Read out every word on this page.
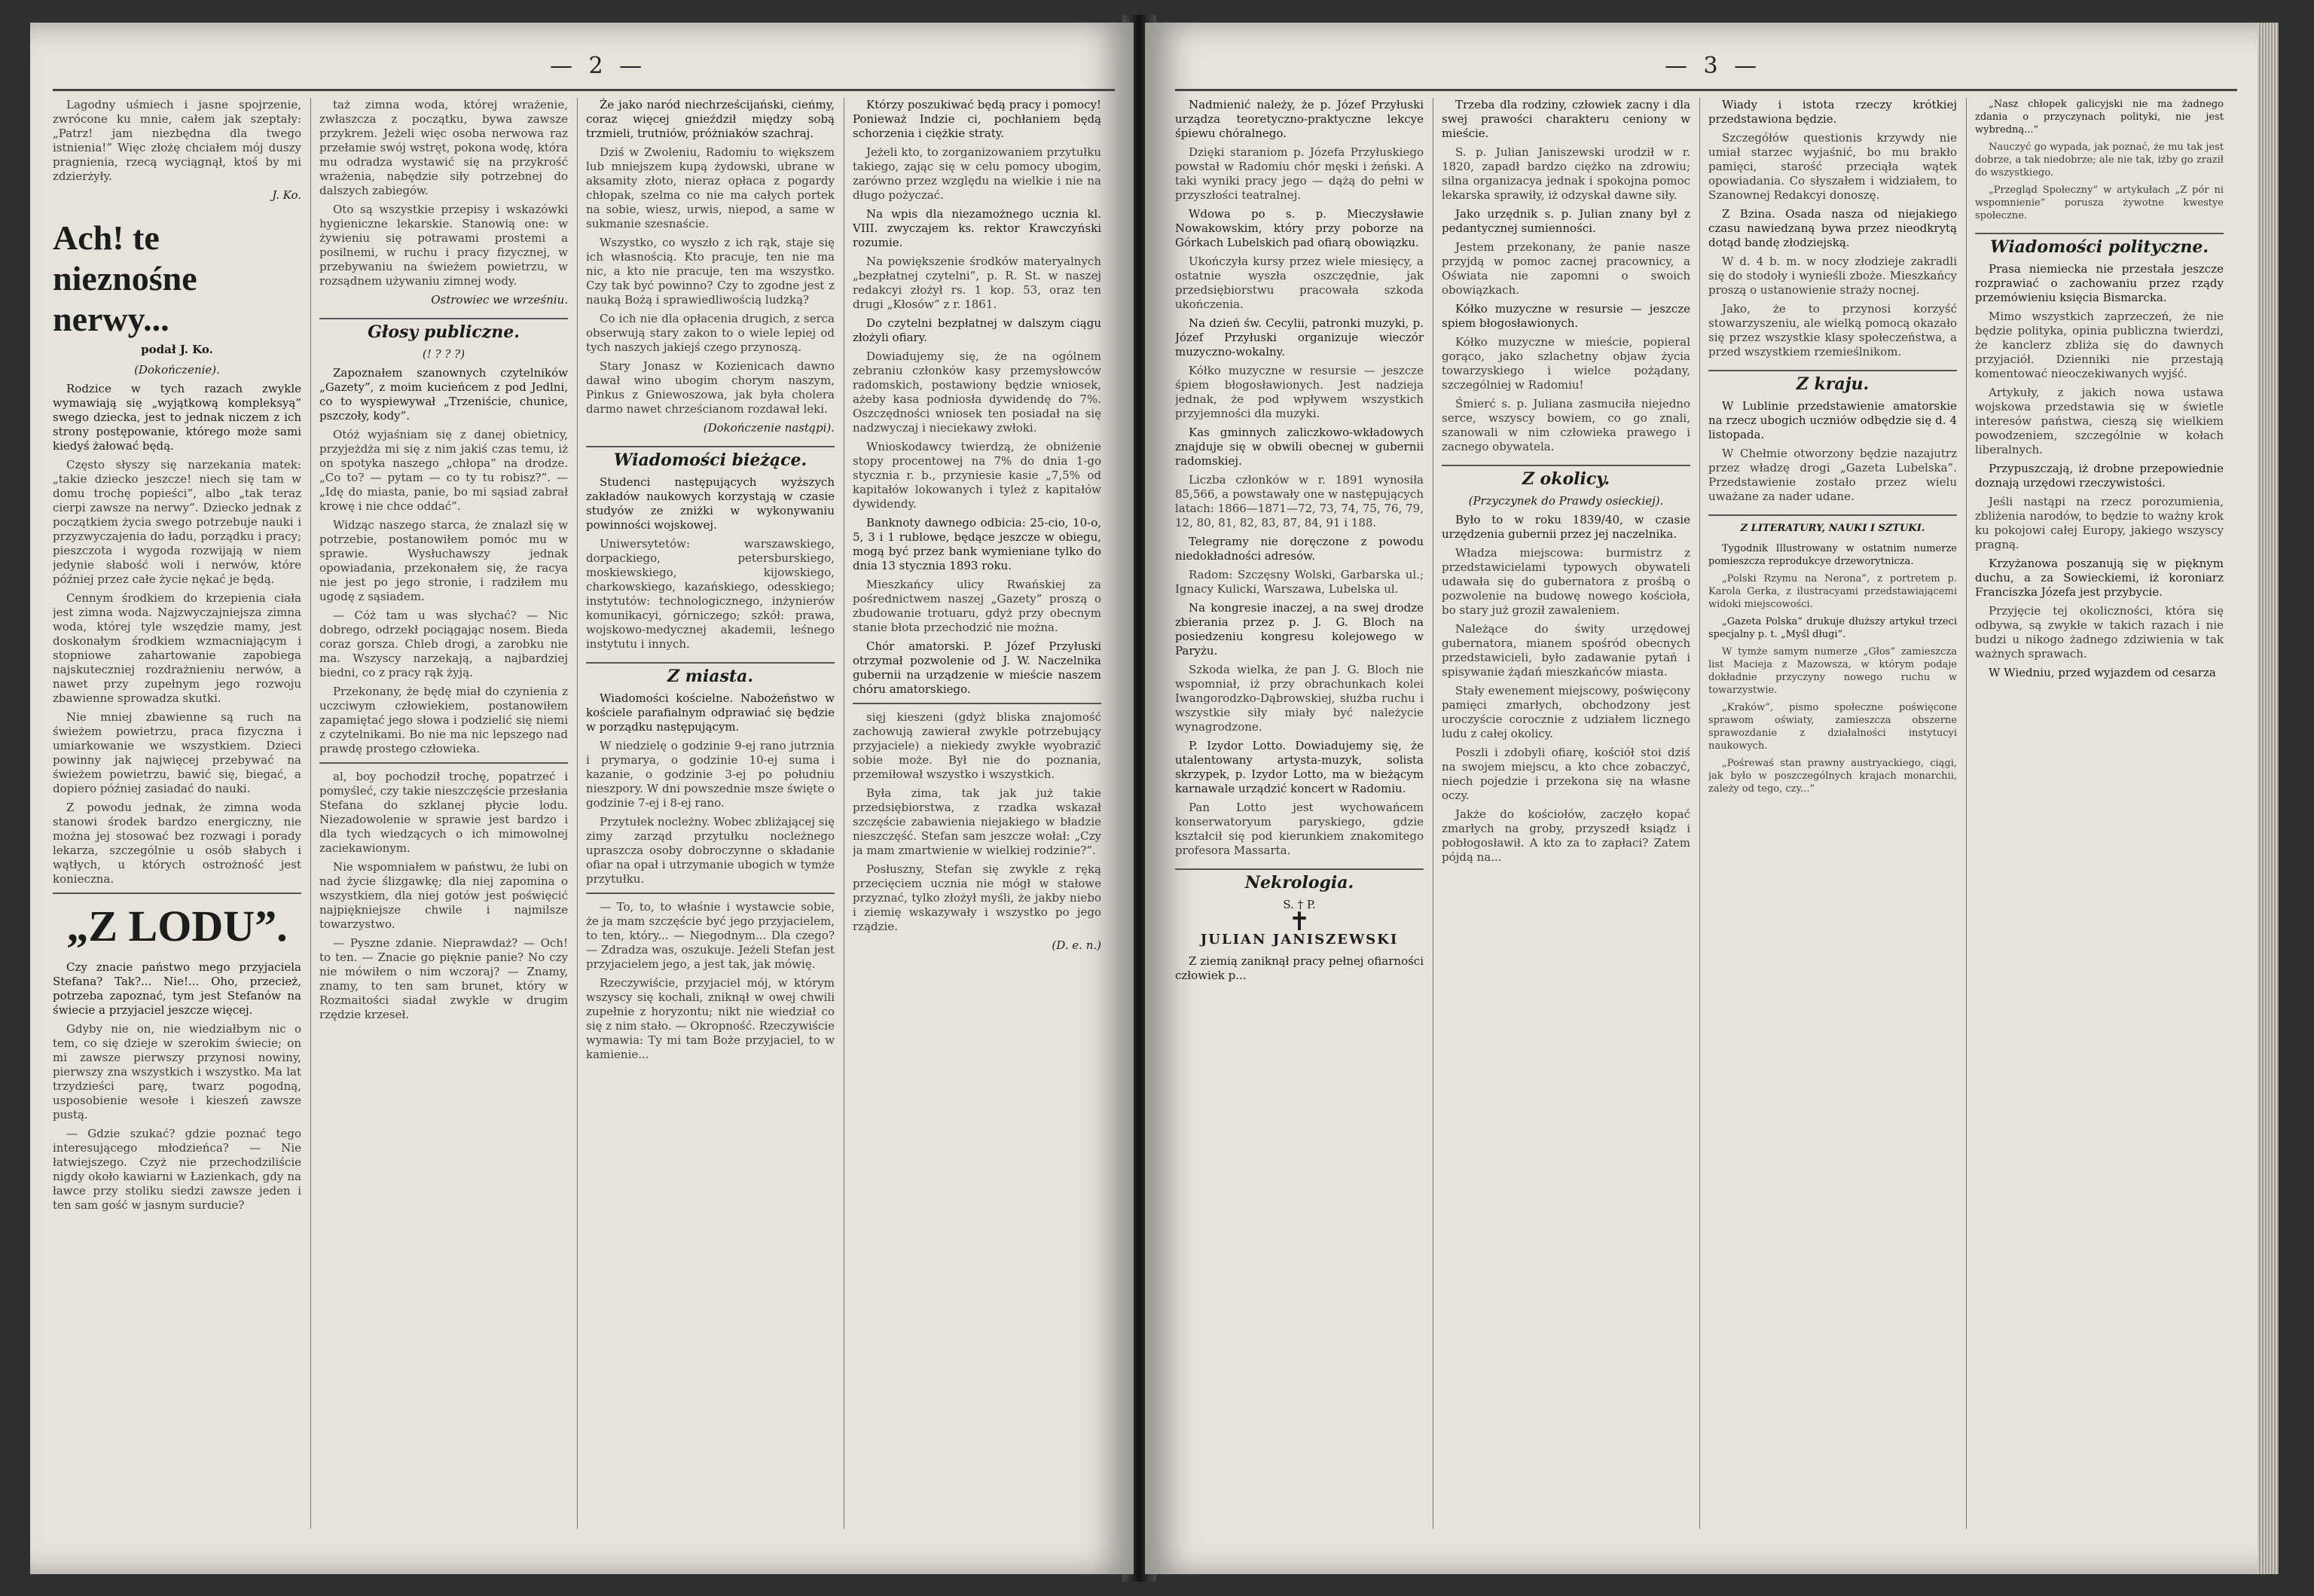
— 2 —
Lagodny uśmiech i jasne spojrzenie, zwrócone ku mnie, całem jak szeptały: „Patrz! jam niezbędna dla twego istnienia!” Więc złożę chciałem mój duszy pragnienia, rzecą wyciągnął, ktoś by mi zdzierżyły.
J. Ko.
Ach! te nieznośne nerwy...
podał J. Ko.
(Dokończenie).

Rodzice w tych razach zwykle wymawiają się „wyjątkową kompleksyą” swego dziecka, jest to jednak niczem z ich strony postępowanie, którego może sami kiedyś żałować będą.

Często słyszy się narzekania matek: „takie dziecko jeszcze! niech się tam w domu trochę popieści”, albo „tak teraz cierpi zawsze na nerwy”. Dziecko jednak z początkiem życia swego potrzebuje nauki i przyzwyczajenia do ładu, porządku i pracy; pieszczota i wygoda rozwijają w niem jedynie słabość woli i nerwów, które później przez całe życie nękać je będą.

Cennym środkiem do krzepienia ciała jest zimna woda. Najzwyczajniejsza zimna woda, której tyle wszędzie mamy, jest doskonałym środkiem wzmacniającym i stopniowe zahartowanie zapobiega najskuteczniej rozdrażnieniu nerwów, a nawet przy zupełnym jego rozwoju zbawienne sprowadza skutki.

Nie mniej zbawienne są ruch na świeżem powietrzu, praca fizyczna i umiarkowanie we wszystkiem. Dzieci powinny jak najwięcej przebywać na świeżem powietrzu, bawić się, biegać, a dopiero później zasiadać do nauki.

Z powodu jednak, że zimna woda stanowi środek bardzo energiczny, nie można jej stosować bez rozwagi i porady lekarza, szczególnie u osób słabych i wątłych, u których ostrożność jest konieczna.

„Z LODU”.

Czy znacie państwo mego przyjaciela Stefana? Tak?... Nie!... Oho, przecież, potrzeba zapoznać, tym jest Stefanów na świecie a przyjaciel jeszcze więcej.

Gdyby nie on, nie wiedziałbym nic o tem, co się dzieje w szerokim świecie; on mi zawsze pierwszy przynosi nowiny, pierwszy zna wszystkich i wszystko. Ma lat trzydzieści parę, twarz pogodną, usposobienie wesołe i kieszeń zawsze pustą.

— Gdzie szukać? gdzie poznać tego interesującego młodzieńca? — Nie łatwiejszego. Czyż nie przechodziliście nigdy około kawiarni w Łazienkach, gdy na ławce przy stoliku siedzi zawsze jeden i ten sam gość w jasnym surducie?

taż zimna woda, której wrażenie, zwłaszcza z początku, bywa zawsze przykrem. Jeżeli więc osoba nerwowa raz przełamie swój wstręt, pokona wodę, która mu odradza wystawić się na przykrość wrażenia, nabędzie siły potrzebnej do dalszych zabiegów.

Oto są wszystkie przepisy i wskazówki hygieniczne lekarskie. Stanowią one: w żywieniu się potrawami prostemi a posilnemi, w ruchu i pracy fizycznej, w przebywaniu na świeżem powietrzu, w rozsądnem używaniu zimnej wody.

Ostrowiec we wrześniu.
Głosy publiczne.
(! ? ? ?)

Zapoznałem szanownych czytelników „Gazety”, z moim kucieńcem z pod Jedlni, co to wyspiewywał „Trzeniście, chunice, pszczoły, kody”.

Otóż wyjaśniam się z danej obietnicy, przyjeżdża mi się z nim jakiś czas temu, iż on spotyka naszego „chłopa” na drodze. „Co to? — pytam — co ty tu robisz?”. — „Idę do miasta, panie, bo mi sąsiad zabrał krowę i nie chce oddać”.

Widząc naszego starca, że znalazł się w potrzebie, postanowiłem pomóc mu w sprawie. Wysłuchawszy jednak opowiadania, przekonałem się, że racya nie jest po jego stronie, i radziłem mu ugodę z sąsiadem.

— Cóż tam u was słychać? — Nic dobrego, odrzekł pociągając nosem. Bieda coraz gorsza. Chleb drogi, a zarobku nie ma. Wszyscy narzekają, a najbardziej biedni, co z pracy rąk żyją.

Przekonany, że będę miał do czynienia z uczciwym człowiekiem, postanowiłem zapamiętać jego słowa i podzielić się niemi z czytelnikami. Bo nie ma nic lepszego nad prawdę prostego człowieka.

al, boy pochodził trochę, popatrzeć i pomyśleć, czy takie nieszczęście przesłania Stefana do szklanej płycie lodu. Niezadowolenie w sprawie jest bardzo i dla tych wiedzących o ich mimowolnej zaciekawionym.

Nie wspomniałem w państwu, że lubi on nad życie ślizgawkę; dla niej zapomina o wszystkiem, dla niej gotów jest poświęcić najpiękniejsze chwile i najmilsze towarzystwo.

— Pyszne zdanie. Nieprawdaż? — Och! to ten. — Znacie go pięknie panie? No czy nie mówiłem o nim wczoraj? — Znamy, znamy, to ten sam brunet, który w Rozmaitości siadał zwykle w drugim rzędzie krzeseł.

Że jako naród niechrześcijański, cieńmy, coraz więcej gnieździł między sobą trzmieli, trutniów, próżniaków szachraj.

Dziś w Zwoleniu, Radomiu to większem lub mniejszem kupą żydowski, ubrane w aksamity złoto, nieraz opłaca z pogardy chłopak, szelma co nie ma całych portek na sobie, wiesz, urwis, niepod, a same w sukmanie szesnaście.

Wszystko, co wyszło z ich rąk, staje się ich własnością. Kto pracuje, ten nie ma nic, a kto nie pracuje, ten ma wszystko. Czy tak być powinno? Czy to zgodne jest z nauką Bożą i sprawiedliwością ludzką?

Co ich nie dla opłacenia drugich, z serca obserwują stary zakon to o wiele lepiej od tych naszych jakiejś czego przynoszą.

Stary Jonasz w Kozienicach dawno dawał wino ubogim chorym naszym, Pinkus z Gniewoszowa, jak była cholera darmo nawet chrześcianom rozdawał leki.

(Dokończenie nastąpi).
Wiadomości bieżące.

Studenci następujących wyższych zakładów naukowych korzystają w czasie studyów ze zniżki w wykonywaniu powinności wojskowej.

Uniwersytetów: warszawskiego, dorpackiego, petersburskiego, moskiewskiego, kijowskiego, charkowskiego, kazańskiego, odesskiego; instytutów: technologicznego, inżynierów komunikacyi, górniczego; szkół: prawa, wojskowo-medycznej akademii, leśnego instytutu i innych.

Z miasta.

Wiadomości kościelne. Nabożeństwo w kościele parafialnym odprawiać się będzie w porządku następującym.

W niedzielę o godzinie 9-ej rano jutrznia i prymarya, o godzinie 10-ej suma i kazanie, o godzinie 3-ej po południu nieszpory. W dni powszednie msze święte o godzinie 7-ej i 8-ej rano.

Przytułek nocleżny. Wobec zbliżającej się zimy zarząd przytułku nocleżnego upraszcza osoby dobroczynne o składanie ofiar na opał i utrzymanie ubogich w tymże przytułku.

— To, to, to właśnie i wystawcie sobie, że ja mam szczęście być jego przyjacielem, to ten, który... — Niegodnym... Dla czego? — Zdradza was, oszukuje. Jeżeli Stefan jest przyjacielem jego, a jest tak, jak mówię.

Rzeczywiście, przyjaciel mój, w którym wszyscy się kochali, zniknął w owej chwili zupełnie z horyzontu; nikt nie wiedział co się z nim stało. — Okropność. Rzeczywiście wymawia: Ty mi tam Boże przyjaciel, to w kamienie...

Którzy poszukiwać będą pracy i pomocy! Ponieważ Indzie ci, pochłaniem będą schorzenia i ciężkie straty.

Jeżeli kto, to zorganizowaniem przytułku takiego, zając się w celu pomocy ubogim, zarówno przez względu na wielkie i nie na długo pożyczać.

Na wpis dla niezamożnego ucznia kl. VIII. zwyczajem ks. rektor Krawczyński rozumie.

Na powiększenie środków materyalnych „bezpłatnej czytelni”, p. R. St. w naszej redakcyi złożył rs. 1 kop. 53, oraz ten drugi „Kłosów” z r. 1861.

Do czytelni bezpłatnej w dalszym ciągu złożyli ofiary.

Dowiadujemy się, że na ogólnem zebraniu członków kasy przemysłowców radomskich, postawiony będzie wniosek, ażeby kasa podniosła dywidendę do 7%. Oszczędności wniosek ten posiadał na się nadzwyczaj i nieciekawy zwłoki.

Wnioskodawcy twierdzą, że obniżenie stopy procentowej na 7% do dnia 1-go stycznia r. b., przyniesie kasie „7,5% od kapitałów lokowanych i tyleż z kapitałów dywidendy.

Banknoty dawnego odbicia: 25-cio, 10-o, 5, 3 i 1 rublowe, będące jeszcze w obiegu, mogą być przez bank wymieniane tylko do dnia 13 stycznia 1893 roku.

Mieszkańcy ulicy Rwańskiej za pośrednictwem naszej „Gazety” proszą o zbudowanie trotuaru, gdyż przy obecnym stanie błota przechodzić nie można.

Chór amatorski. P. Józef Przyłuski otrzymał pozwolenie od J. W. Naczelnika gubernii na urządzenie w mieście naszem chóru amatorskiego.

sięj kieszeni (gdyż bliska znajomość zachowują zawierał zwykle potrzebujący przyjaciele) a niekiedy zwykłe wyobrazić sobie może. Był nie do poznania, przemiłował wszystko i wszystkich.

Była zima, tak jak już takie przedsiębiorstwa, z rzadka wskazał szczęście zabawienia niejakiego w bładzie nieszczęść. Stefan sam jeszcze wołał: „Czy ja mam zmartwienie w wielkiej rodzinie?”.

Posłuszny, Stefan się zwykle z ręką przecięciem ucznia nie mógł w stałowe przyznać, tylko złożył myśli, że jakby niebo i ziemię wskazywały i wszystko po jego rządzie.

(D. e. n.)
— 3 —

Nadmienić należy, że p. Józef Przyłuski urządza teoretyczno-praktyczne lekcye śpiewu chóralnego.

Dzięki staraniom p. Józefa Przyłuskiego powstał w Radomiu chór męski i żeński. A taki wyniki pracy jego — dążą do pełni w przyszłości teatralnej.

Wdowa po s. p. Mieczysławie Nowakowskim, który przy poborze na Górkach Lubelskich pad ofiarą obowiązku.

Ukończyła kursy przez wiele miesięcy, a ostatnie wyszła oszczędnie, jak przedsiębiorstwu pracowała szkoda ukończenia.

Na dzień św. Cecylii, patronki muzyki, p. Józef Przyłuski organizuje wieczór muzyczno-wokalny.

Kółko muzyczne w resursie — jeszcze śpiem błogosławionych. Jest nadzieja jednak, że pod wpływem wszystkich przyjemności dla muzyki.

Kas gminnych zaliczkowo-wkładowych znajduje się w obwili obecnej w gubernii radomskiej.

Liczba członków w r. 1891 wynosiła 85,566, a powstawały one w następujących latach: 1866—1871—72, 73, 74, 75, 76, 79, 12, 80, 81, 82, 83, 87, 84, 91 i 188.

Telegramy nie doręczone z powodu niedokładności adresów.

Radom: Szczęsny Wolski, Garbarska ul.; Ignacy Kulicki, Warszawa, Lubelska ul.

Na kongresie inaczej, a na swej drodze zbierania przez p. J. G. Bloch na posiedzeniu kongresu kolejowego w Paryżu.

Szkoda wielka, że pan J. G. Bloch nie wspomniał, iż przy obrachunkach kolei Iwangorodzko-Dąbrowskiej, służba ruchu i wszystkie siły miały być należycie wynagrodzone.

P. Izydor Lotto. Dowiadujemy się, że utalentowany artysta-muzyk, solista skrzypek, p. Izydor Lotto, ma w bieżącym karnawale urządzić koncert w Radomiu.

Pan Lotto jest wychowańcem konserwatoryum paryskiego, gdzie kształcił się pod kierunkiem znakomitego profesora Massarta.

Nekrologia.
S. † P.
✝
JULIAN JANISZEWSKI

Z ziemią zaniknął pracy pełnej ofiarności człowiek p...

Trzeba dla rodziny, człowiek zacny i dla swej prawości charakteru ceniony w mieście.

S. p. Julian Janiszewski urodził w r. 1820, zapadł bardzo ciężko na zdrowiu; silna organizacya jednak i spokojna pomoc lekarska sprawiły, iż odzyskał dawne siły.

Jako urzędnik s. p. Julian znany był z pedantycznej sumienności.

Jestem przekonany, że panie nasze przyjdą w pomoc zacnej pracownicy, a Oświata nie zapomni o swoich obowiązkach.

Kółko muzyczne w resursie — jeszcze spiem błogosławionych.

Kółko muzyczne w mieście, popieral gorąco, jako szlachetny objaw życia towarzyskiego i wielce pożądany, szczególniej w Radomiu!

Śmierć s. p. Juliana zasmuciła niejedno serce, wszyscy bowiem, co go znali, szanowali w nim człowieka prawego i zacnego obywatela.

Z okolicy.
(Przyczynek do Prawdy osieckiej).

Było to w roku 1839/40, w czasie urzędzenia gubernii przez jej naczelnika.

Władza miejscowa: burmistrz z przedstawicielami typowych obywateli udawała się do gubernatora z prośbą o pozwolenie na budowę nowego kościoła, bo stary już groził zawaleniem.

Należące do świty urzędowej gubernatora, mianem spośród obecnych przedstawicieli, było zadawanie pytań i spisywanie żądań mieszkańców miasta.

Stały ewenement miejscowy, poświęcony pamięci zmarłych, obchodzony jest uroczyście corocznie z udziałem licznego ludu z całej okolicy.

Poszli i zdobyli ofiarę, kościół stoi dziś na swojem miejscu, a kto chce zobaczyć, niech pojedzie i przekona się na własne oczy.

Jakże do kościołów, zaczęło kopać zmarłych na groby, przyszedł ksiądz i pobłogosławił. A kto za to zapłaci? Zatem pójdą na...

Wiady i istota rzeczy krótkiej przedstawiona będzie.

Szczegółów questionis krzywdy nie umiał starzec wyjaśnić, bo mu brakło pamięci, starość przeciąła wątek opowiadania. Co słyszałem i widziałem, to Szanownej Redakcyi donoszę.

Z Bzina. Osada nasza od niejakiego czasu nawiedzaną bywa przez nieodkrytą dotąd bandę złodziejską.

W d. 4 b. m. w nocy złodzieje zakradli się do stodoły i wynieśli zboże. Mieszkańcy proszą o ustanowienie straży nocnej.

Jako, że to przynosi korzyść stowarzyszeniu, ale wielką pomocą okazało się przez wszystkie klasy społeczeństwa, a przed wszystkiem rzemieślnikom.

Z kraju.

W Lublinie przedstawienie amatorskie na rzecz ubogich uczniów odbędzie się d. 4 listopada.

W Chełmie otworzony będzie nazajutrz przez władzę drogi „Gazeta Lubelska”. Przedstawienie zostało przez wielu uważane za nader udane.

Z LITERATURY, NAUKI I SZTUKI.

Tygodnik Illustrowany w ostatnim numerze pomieszcza reprodukcye drzeworytnicza.

„Polski Rzymu na Nerona”, z portretem p. Karola Gerka, z ilustracyami przedstawiającemi widoki miejscowości.

„Gazeta Polska” drukuje dłuższy artykuł trzeci specjalny p. t. „Myśl długi”.

W tymże samym numerze „Głos” zamieszcza list Macieja z Mazowsza, w którym podaje dokładnie przyczyny nowego ruchu w towarzystwie.

„Kraków”, pismo społeczne poświęcone sprawom oświaty, zamieszcza obszerne sprawozdanie z działalności instytucyi naukowych.

„Pośrewaś stan prawny austryackiego, ciągi, jak było w poszczególnych krajach monarchii, zależy od tego, czy...”

„Nasz chłopek galicyjski nie ma żadnego zdania o przyczynach polityki, nie jest wybredną...”

Nauczyć go wypada, jak poznać, że mu tak jest dobrze, a tak niedobrze; ale nie tak, iżby go zraził do wszystkiego.

„Przegląd Społeczny” w artykułach „Z pór ni wspomnienie” porusza żywotne kwestye społeczne.

Wiadomości polityczne.

Prasa niemiecka nie przestała jeszcze rozprawiać o zachowaniu przez rządy przemówieniu księcia Bismarcka.

Mimo wszystkich zaprzeczeń, że nie będzie polityka, opinia publiczna twierdzi, że kanclerz zbliża się do dawnych przyjaciół. Dzienniki nie przestają komentować nieoczekiwanych wyjść.

Artykuły, z jakich nowa ustawa wojskowa przedstawia się w świetle interesów państwa, cieszą się wielkiem powodzeniem, szczególnie w kołach liberalnych.

Przypuszczają, iż drobne przepowiednie doznają urzędowi rzeczywistości.

Jeśli nastąpi na rzecz porozumienia, zbliżenia narodów, to będzie to ważny krok ku pokojowi całej Europy, jakiego wszyscy pragną.

Krzyżanowa poszanują się w pięknym duchu, a za Sowieckiemi, iż koroniarz Franciszka Józefa jest przybycie.

Przyjęcie tej okoliczności, która się odbywa, są zwykłe w takich razach i nie budzi u nikogo żadnego zdziwienia w tak ważnych sprawach.

W Wiedniu, przed wyjazdem od cesarza
